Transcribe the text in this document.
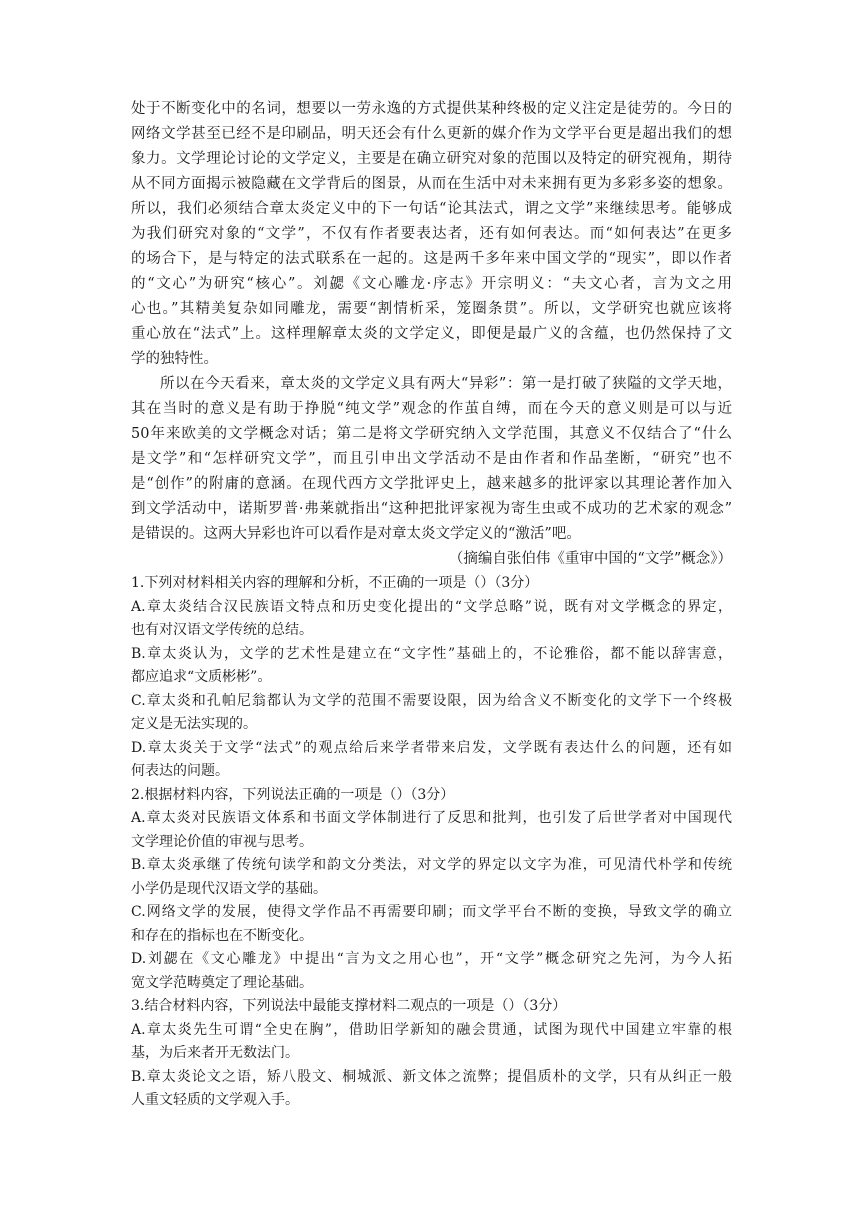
处于不断变化中的名词，想要以一劳永逸的方式提供某种终极的定义注定是徒劳的。今日的
网络文学甚至已经不是印刷品，明天还会有什么更新的媒介作为文学平台更是超出我们的想
象力。文学理论讨论的文学定义，主要是在确立研究对象的范围以及特定的研究视角，期待
从不同方面揭示被隐藏在文学背后的图景，从而在生活中对未来拥有更为多彩多姿的想象。
所以，我们必须结合章太炎定义中的下一句话“论其法式，谓之文学”来继续思考。能够成
为我们研究对象的“文学”，不仅有作者要表达者，还有如何表达。而“如何表达”在更多
的场合下，是与特定的法式联系在一起的。这是两千多年来中国文学的“现实”，即以作者
的“文心”为研究“核心”。刘勰《文心雕龙·序志》开宗明义：“夫文心者，言为文之用
心也。”其精美复杂如同雕龙，需要“割情析采，笼圈条贯”。所以，文学研究也就应该将
重心放在“法式”上。这样理解章太炎的文学定义，即便是最广义的含蕴，也仍然保持了文
学的独特性。
所以在今天看来，章太炎的文学定义具有两大“异彩”：第一是打破了狭隘的文学天地，
其在当时的意义是有助于挣脱“纯文学”观念的作茧自缚，而在今天的意义则是可以与近
50年来欧美的文学概念对话；第二是将文学研究纳入文学范围，其意义不仅结合了“什么
是文学”和“怎样研究文学”，而且引申出文学活动不是由作者和作品垄断，“研究”也不
是“创作”的附庸的意涵。在现代西方文学批评史上，越来越多的批评家以其理论著作加入
到文学活动中，诺斯罗普·弗莱就指出“这种把批评家视为寄生虫或不成功的艺术家的观念”
是错误的。这两大异彩也许可以看作是对章太炎文学定义的“激活”吧。
（摘编自张伯伟《重审中国的“文学”概念》）
1.下列对材料相关内容的理解和分析，不正确的一项是（）（3分）
A.章太炎结合汉民族语文特点和历史变化提出的“文学总略”说，既有对文学概念的界定，
也有对汉语文学传统的总结。
B.章太炎认为，文学的艺术性是建立在“文字性”基础上的，不论雅俗，都不能以辞害意，
都应追求“文质彬彬”。
C.章太炎和孔帕尼翁都认为文学的范围不需要设限，因为给含义不断变化的文学下一个终极
定义是无法实现的。
D.章太炎关于文学“法式”的观点给后来学者带来启发，文学既有表达什么的问题，还有如
何表达的问题。
2.根据材料内容，下列说法正确的一项是（）（3分）
A.章太炎对民族语文体系和书面文学体制进行了反思和批判，也引发了后世学者对中国现代
文学理论价值的审视与思考。
B.章太炎承继了传统句读学和韵文分类法，对文学的界定以文字为准，可见清代朴学和传统
小学仍是现代汉语文学的基础。
C.网络文学的发展，使得文学作品不再需要印刷；而文学平台不断的变换，导致文学的确立
和存在的指标也在不断变化。
D.刘勰在《文心雕龙》中提出“言为文之用心也”，开“文学”概念研究之先河，为今人拓
宽文学范畴奠定了理论基础。
3.结合材料内容，下列说法中最能支撑材料二观点的一项是（）（3分）
A.章太炎先生可谓“全史在胸”，借助旧学新知的融会贯通，试图为现代中国建立牢靠的根
基，为后来者开无数法门。
B.章太炎论文之语，矫八股文、桐城派、新文体之流弊；提倡质朴的文学，只有从纠正一般
人重文轻质的文学观入手。
